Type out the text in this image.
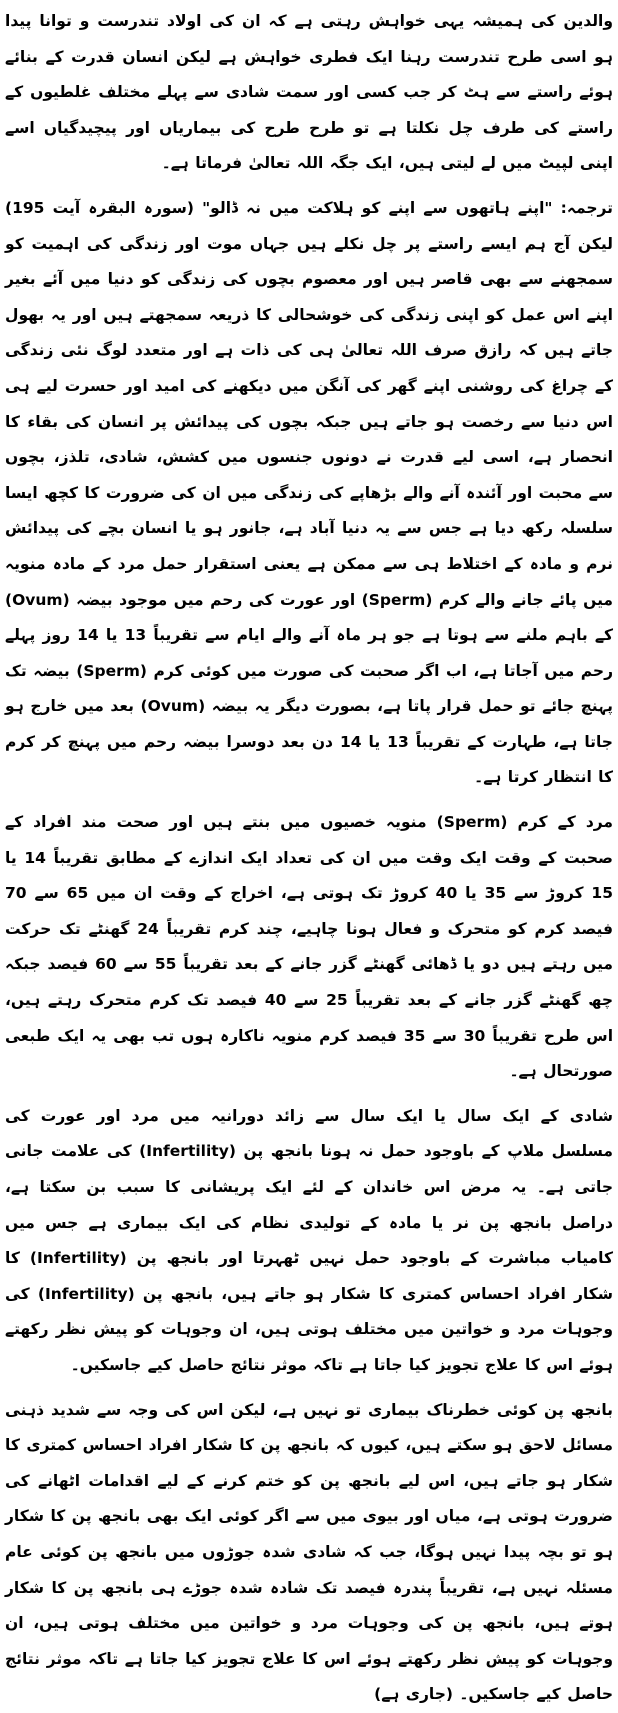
والدین کی ہمیشہ یہی خواہش رہتی ہے کہ ان کی اولاد تندرست و توانا پیدا ہو اسی طرح تندرست رہنا ایک فطری خواہش ہے لیکن انسان قدرت کے بنائے ہوئے راستے سے ہٹ کر جب کسی اور سمت شادی سے پہلے مختلف غلطیوں کے راستے کی طرف چل نکلتا ہے تو طرح طرح کی بیماریاں اور پیچیدگیاں اسے اپنی لپیٹ میں لے لیتی ہیں، ایک جگہ اللہ تعالیٰ فرماتا ہے۔

ترجمہ: "اپنے ہاتھوں سے اپنے کو ہلاکت میں نہ ڈالو" (سورہ البقرہ آیت 195) لیکن آج ہم ایسے راستے پر چل نکلے ہیں جہاں موت اور زندگی کی اہمیت کو سمجھنے سے بھی قاصر ہیں اور معصوم بچوں کی زندگی کو دنیا میں آئے بغیر اپنے اس عمل کو اپنی زندگی کی خوشحالی کا ذریعہ سمجھتے ہیں اور یہ بھول جاتے ہیں کہ رازق صرف اللہ تعالیٰ ہی کی ذات ہے اور متعدد لوگ نئی زندگی کے چراغ کی روشنی اپنے گھر کی آنگن میں دیکھنے کی امید اور حسرت لیے ہی اس دنیا سے رخصت ہو جاتے ہیں جبکہ بچوں کی پیدائش پر انسان کی بقاء کا انحصار ہے، اسی لیے قدرت نے دونوں جنسوں میں کشش، شادی، تلذز، بچوں سے محبت اور آئندہ آنے والے بڑھاپے کی زندگی میں ان کی ضرورت کا کچھ ایسا سلسلہ رکھ دیا ہے جس سے یہ دنیا آباد ہے، جانور ہو یا انسان بچے کی پیدائش نرم و مادہ کے اختلاط ہی سے ممکن ہے یعنی استقرار حمل مرد کے مادہ منویہ میں پائے جانے والے کرم (Sperm) اور عورت کی رحم میں موجود بیضہ (Ovum) کے باہم ملنے سے ہوتا ہے جو ہر ماہ آنے والے ایام سے تقریباً 13 یا 14 روز پہلے رحم میں آجاتا ہے، اب اگر صحبت کی صورت میں کوئی کرم (Sperm) بیضہ تک پہنچ جائے تو حمل قرار پاتا ہے، بصورت دیگر یہ بیضہ (Ovum) بعد میں خارج ہو جاتا ہے، طہارت کے تقریباً 13 یا 14 دن بعد دوسرا بیضہ رحم میں پہنچ کر کرم کا انتظار کرتا ہے۔

مرد کے کرم (Sperm) منویہ خصیوں میں بنتے ہیں اور صحت مند افراد کے صحبت کے وقت ایک وقت میں ان کی تعداد ایک اندازے کے مطابق تقریباً 14 یا 15 کروڑ سے 35 یا 40 کروڑ تک ہوتی ہے، اخراج کے وقت ان میں 65 سے 70 فیصد کرم کو متحرک و فعال ہونا چاہیے، چند کرم تقریباً 24 گھنٹے تک حرکت میں رہتے ہیں دو یا ڈھائی گھنٹے گزر جانے کے بعد تقریباً 55 سے 60 فیصد جبکہ چھ گھنٹے گزر جانے کے بعد تقریباً 25 سے 40 فیصد تک کرم متحرک رہتے ہیں، اس طرح تقریباً 30 سے 35 فیصد کرم منویہ ناکارہ ہوں تب بھی یہ ایک طبعی صورتحال ہے۔

شادی کے ایک سال یا ایک سال سے زائد دورانیہ میں مرد اور عورت کی مسلسل ملاپ کے باوجود حمل نہ ہونا بانجھ پن (Infertility) کی علامت جانی جاتی ہے۔ یہ مرض اس خاندان کے لئے ایک پریشانی کا سبب بن سکتا ہے، دراصل بانجھ پن نر یا مادہ کے تولیدی نظام کی ایک بیماری ہے جس میں کامیاب مباشرت کے باوجود حمل نہیں ٹھہرتا اور بانجھ پن (Infertility) کا شکار افراد احساس کمتری کا شکار ہو جاتے ہیں، بانجھ پن (Infertility) کی وجوہات مرد و خواتین میں مختلف ہوتی ہیں، ان وجوہات کو پیش نظر رکھتے ہوئے اس کا علاج تجویز کیا جاتا ہے تاکہ موثر نتائج حاصل کیے جاسکیں۔

بانجھ پن کوئی خطرناک بیماری تو نہیں ہے، لیکن اس کی وجہ سے شدید ذہنی مسائل لاحق ہو سکتے ہیں، کیوں کہ بانجھ پن کا شکار افراد احساس کمتری کا شکار ہو جاتے ہیں، اس لیے بانجھ پن کو ختم کرنے کے لیے اقدامات اٹھانے کی ضرورت ہوتی ہے، میاں اور بیوی میں سے اگر کوئی ایک بھی بانجھ پن کا شکار ہو تو بچہ پیدا نہیں ہوگا، جب کہ شادی شدہ جوڑوں میں بانجھ پن کوئی عام مسئلہ نہیں ہے، تقریباً پندرہ فیصد تک شادہ شدہ جوڑے ہی بانجھ پن کا شکار ہوتے ہیں، بانجھ پن کی وجوہات مرد و خواتین میں مختلف ہوتی ہیں، ان وجوہات کو پیش نظر رکھتے ہوئے اس کا علاج تجویز کیا جاتا ہے تاکہ موثر نتائج حاصل کیے جاسکیں۔ (جاری ہے)
